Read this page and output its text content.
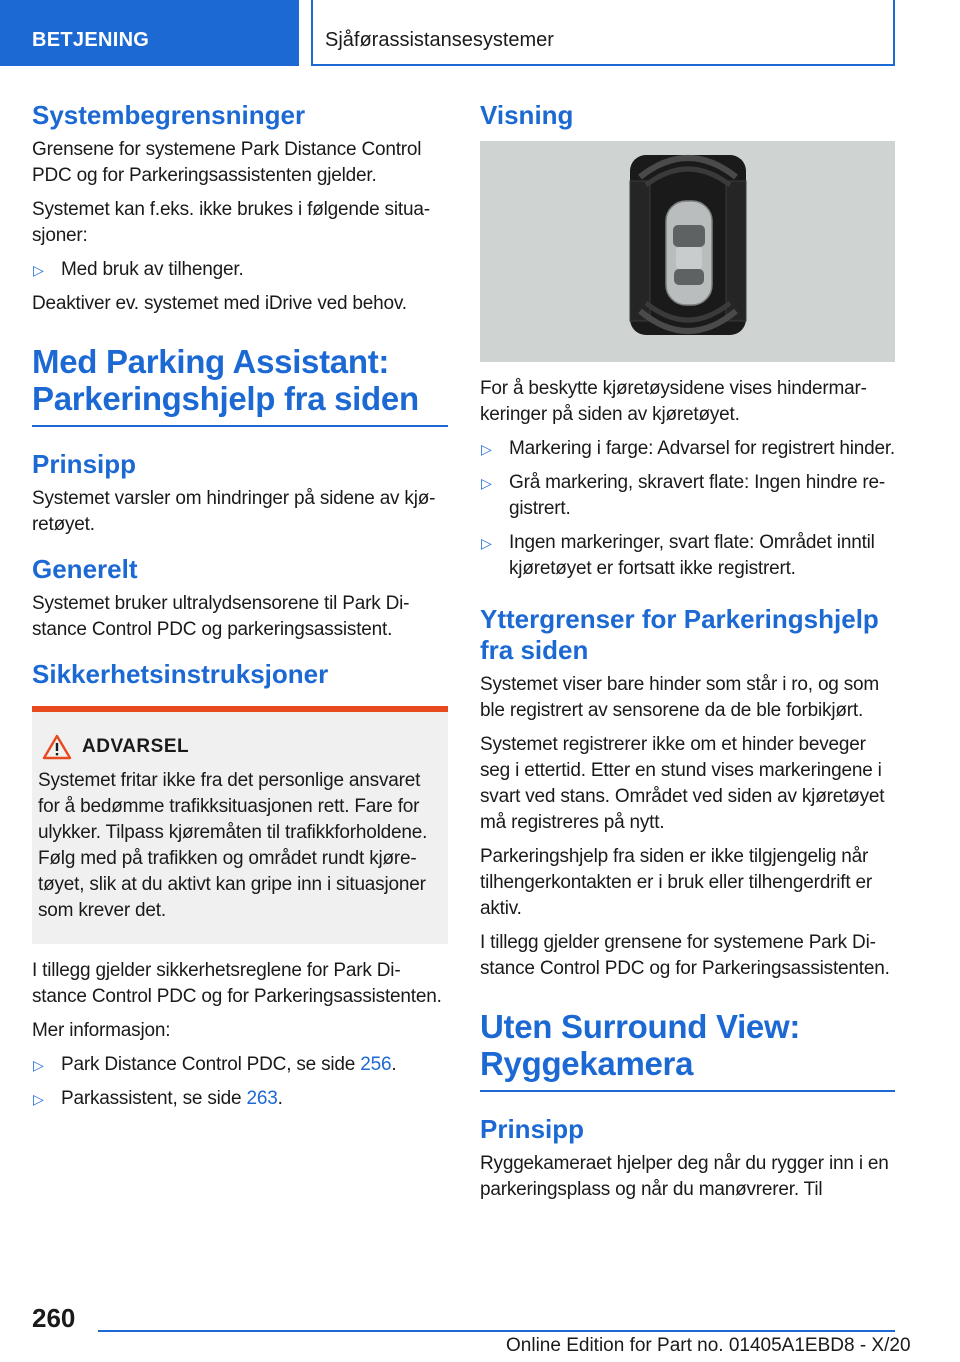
BETJENING	Sjåførassistansesystemer
Systembegrensninger

Grensene for systemene Park Distance Control PDC og for Parkeringsassistenten gjelder.

Systemet kan f.eks. ikke brukes i følgende situasjoner:

▷ Med bruk av tilhenger.

Deaktiver ev. systemet med iDrive ved behov.

Med Parking Assistant:
Parkeringshjelp fra siden
Prinsipp

Systemet varsler om hindringer på sidene av kjøretøyet.

Generelt

Systemet bruker ultralydsensorene til Park Distance Control PDC og parkeringsassistent.

Sikkerhetsinstruksjoner
ADVARSEL

Systemet fritar ikke fra det personlige ansvaret for å bedømme trafikksituasjonen rett. Fare for ulykker. Tilpass kjøremåten til trafikkforholdene. Følg med på trafikken og området rundt kjøretøyet, slik at du aktivt kan gripe inn i situasjoner som krever det.

I tillegg gjelder sikkerhetsreglene for Park Distance Control PDC og for Parkeringsassistenten.

Mer informasjon:

▷ Park Distance Control PDC, se side 256.
▷ Parkassistent, se side 263.
Visning

For å beskytte kjøretøysidene vises hindermarkeringer på siden av kjøretøyet.

▷ Markering i farge: Advarsel for registrert hinder.
▷ Grå markering, skravert flate: Ingen hindre registrert.
▷ Ingen markeringer, svart flate: Området inntil kjøretøyet er fortsatt ikke registrert.
Yttergrenser for Parkeringshjelp fra siden

Systemet viser bare hinder som står i ro, og som ble registrert av sensorene da de ble forbikjørt.

Systemet registrerer ikke om et hinder beveger seg i ettertid. Etter en stund vises markeringene i svart ved stans. Området ved siden av kjøretøyet må registreres på nytt.

Parkeringshjelp fra siden er ikke tilgjengelig når tilhengerkontakten er i bruk eller tilhengerdrift er aktiv.

I tillegg gjelder grensene for systemene Park Distance Control PDC og for Parkeringsassistenten.

Uten Surround View:
Ryggekamera
Prinsipp

Ryggekameraet hjelper deg når du rygger inn i en parkeringsplass og når du manøvrerer. Til

260
Online Edition for Part no. 01405A1EBD8 - X/20
